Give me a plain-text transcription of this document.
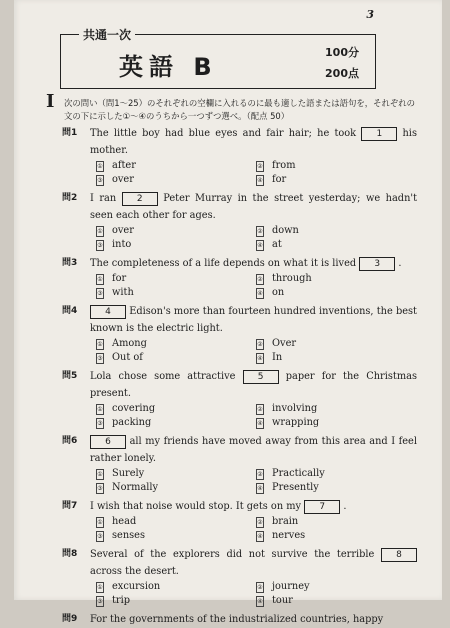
3
共通一次
英語 B
100分
200点
I 次の問い（問1～25）のそれぞれの空欄に入れるのに最も適した語または語句を，それぞれの文の下に示した①～④のうちから一つずつ選べ。（配点 50）
問1 The little boy had blue eyes and fair hair; he took 1 his mother.
① after	② from
③ over	④ for
問2 I ran 2 Peter Murray in the street yesterday; we hadn't seen each other for ages.
① over	② down
③ into	④ at
問3 The completeness of a life depends on what it is lived 3 .
① for	② through
③ with	④ on
問4	4 Edison's more than fourteen hundred inventions, the best known is the electric light.
① Among	② Over
③ Out of	④ In
問5 Lola chose some attractive 5 paper for the Christmas present.
① covering	② involving
③ packing	④ wrapping
問6	6 all my friends have moved away from this area and I feel rather lonely.
① Surely	② Practically
③ Normally	④ Presently
問7 I wish that noise would stop. It gets on my 7 .
① head	② brain
③ senses	④ nerves
問8 Several of the explorers did not survive the terrible 8 across the desert.
① excursion	② journey
③ trip	④ tour
問9 For the governments of the industrialized countries, happy
